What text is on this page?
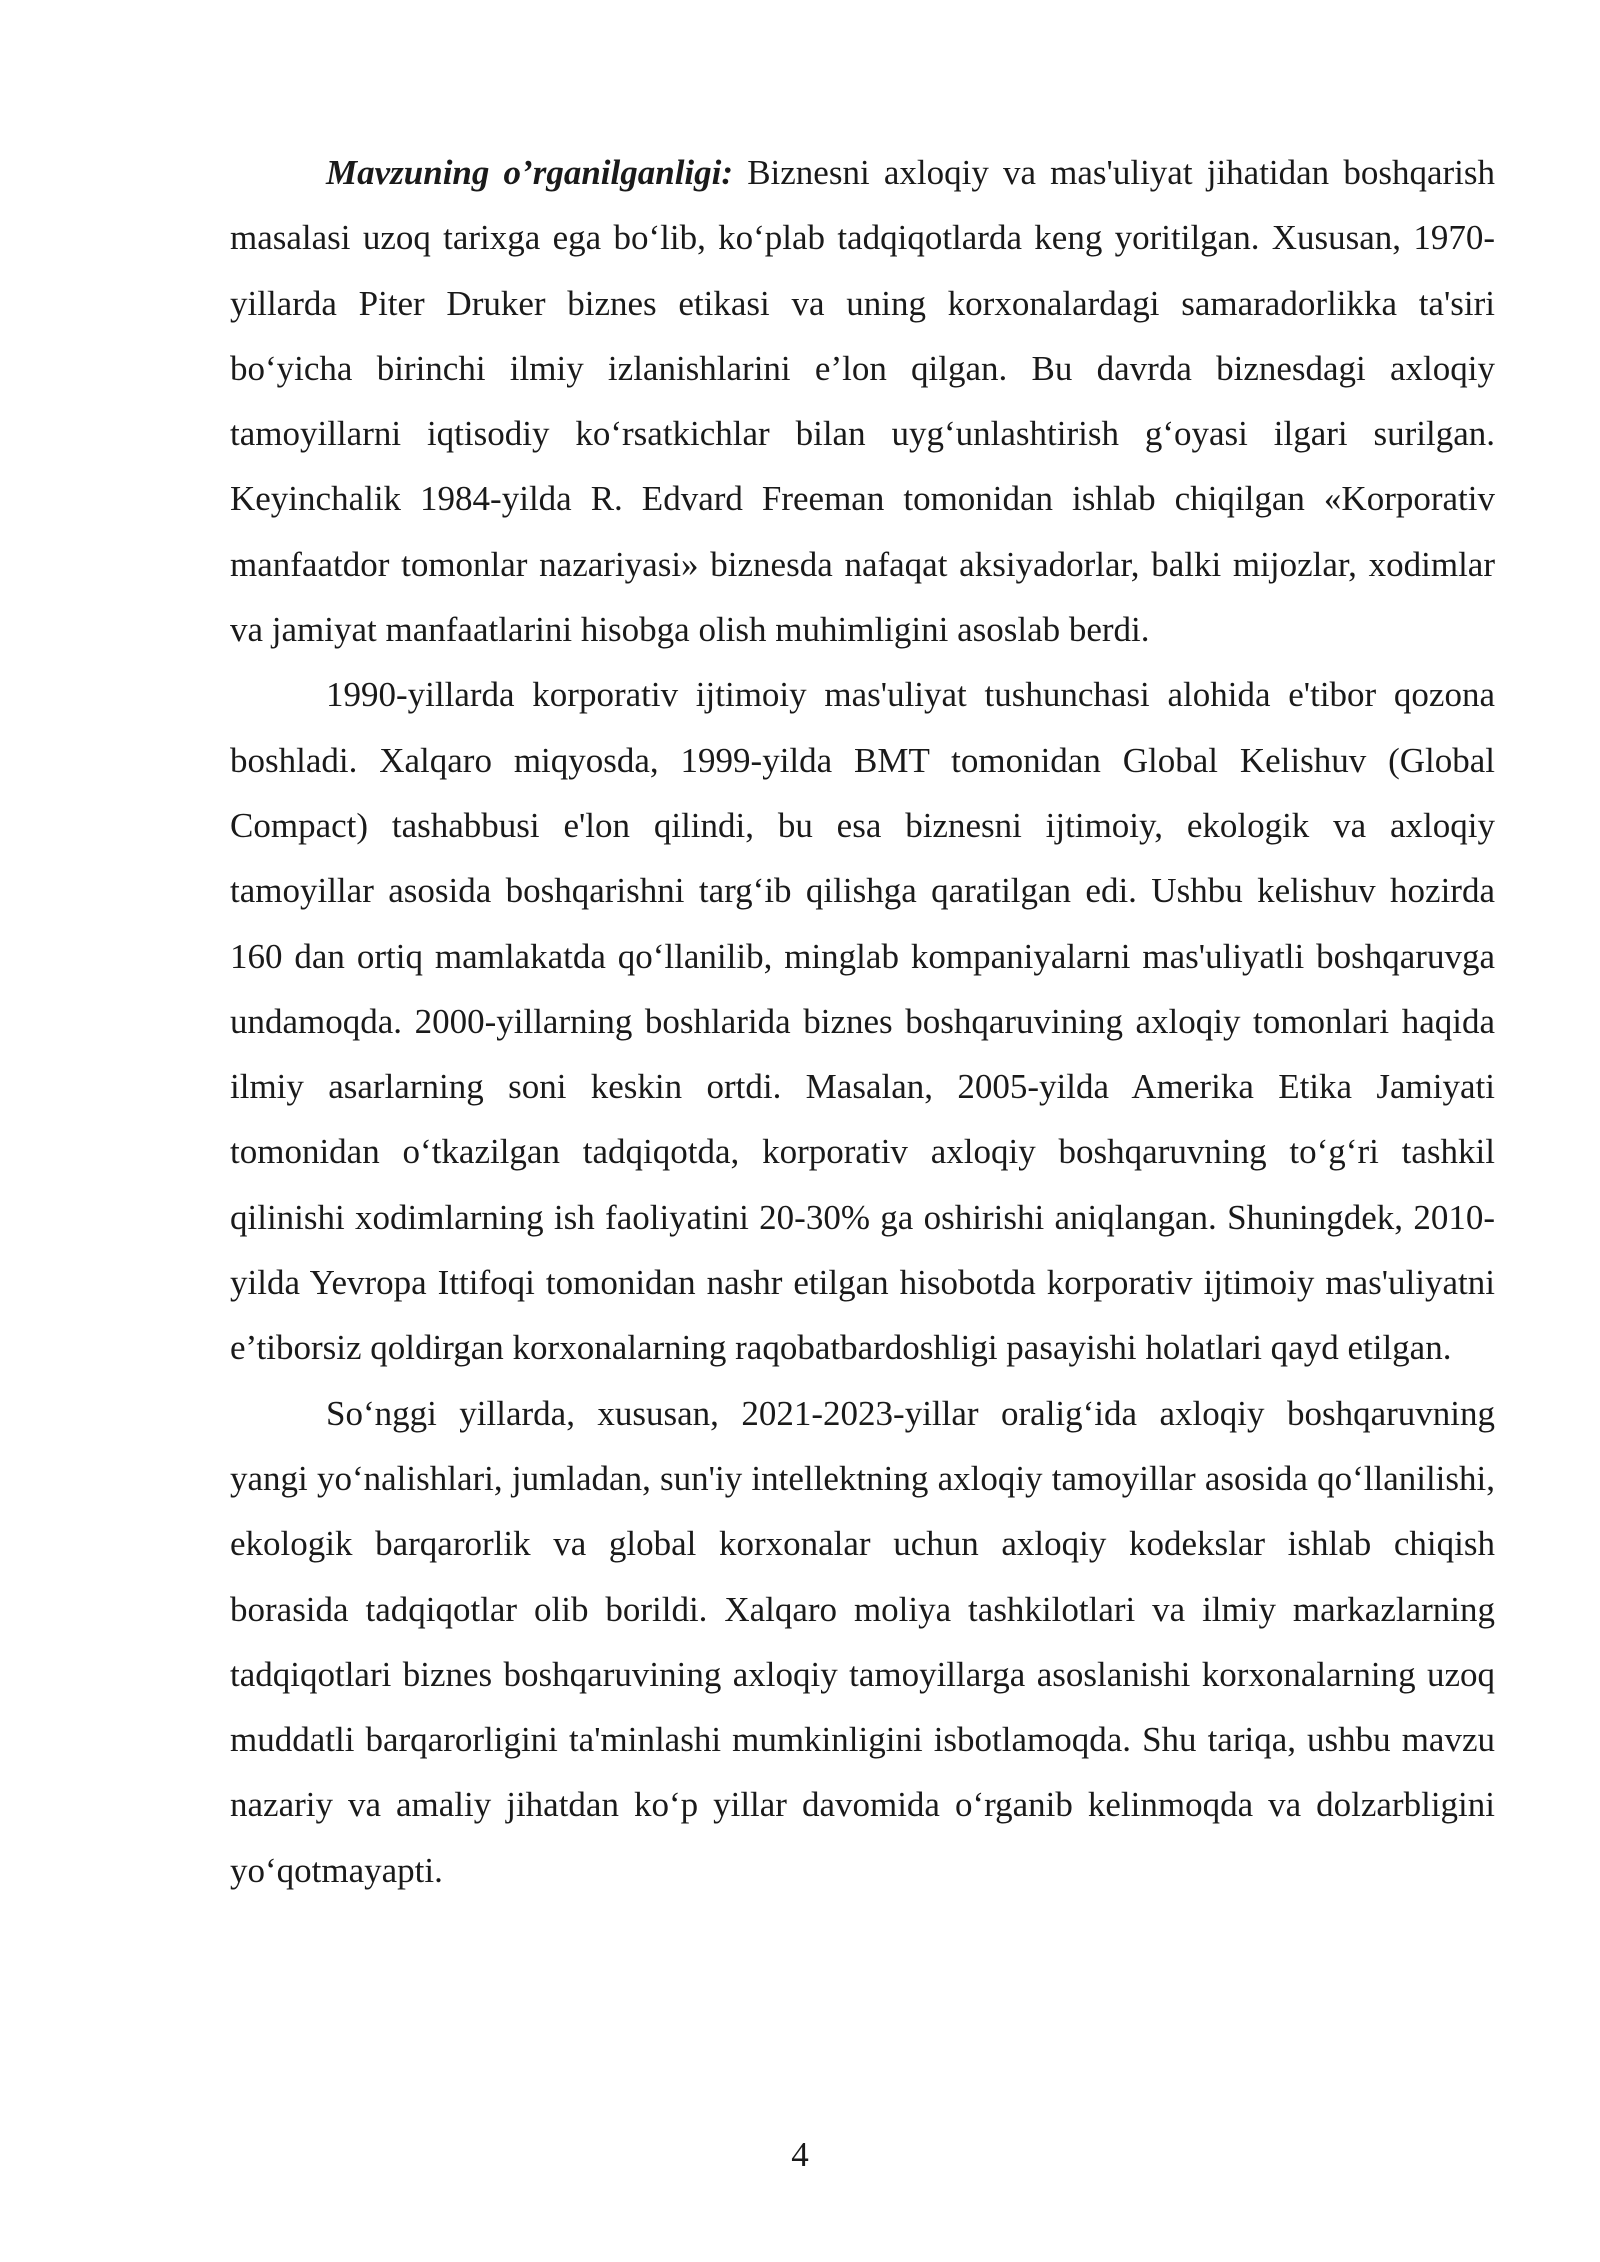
Mavzuning o’rganilganligi: Biznesni axloqiy va mas'uliyat jihatidan boshqarish masalasi uzoq tarixga ega bo‘lib, ko‘plab tadqiqotlarda keng yoritilgan. Xususan, 1970-yillarda Piter Druker biznes etikasi va uning korxonalardagi samaradorlikka ta'siri bo‘yicha birinchi ilmiy izlanishlarini e’lon qilgan. Bu davrda biznesdagi axloqiy tamoyillarni iqtisodiy ko‘rsatkichlar bilan uyg‘unlashtirish g‘oyasi ilgari surilgan. Keyinchalik 1984-yilda R. Edvard Freeman tomonidan ishlab chiqilgan «Korporativ manfaatdor tomonlar nazariyasi» biznesda nafaqat aksiyadorlar, balki mijozlar, xodimlar va jamiyat manfaatlarini hisobga olish muhimligini asoslab berdi.

1990-yillarda korporativ ijtimoiy mas'uliyat tushunchasi alohida e'tibor qozona boshladi. Xalqaro miqyosda, 1999-yilda BMT tomonidan Global Kelishuv (Global Compact) tashabbusi e'lon qilindi, bu esa biznesni ijtimoiy, ekologik va axloqiy tamoyillar asosida boshqarishni targ‘ib qilishga qaratilgan edi. Ushbu kelishuv hozirda 160 dan ortiq mamlakatda qo‘llanilib, minglab kompaniyalarni mas'uliyatli boshqaruvga undamoqda. 2000-yillarning boshlarida biznes boshqaruvining axloqiy tomonlari haqida ilmiy asarlarning soni keskin ortdi. Masalan, 2005-yilda Amerika Etika Jamiyati tomonidan o‘tkazilgan tadqiqotda, korporativ axloqiy boshqaruvning to‘g‘ri tashkil qilinishi xodimlarning ish faoliyatini 20-30% ga oshirishi aniqlangan. Shuningdek, 2010-yilda Yevropa Ittifoqi tomonidan nashr etilgan hisobotda korporativ ijtimoiy mas'uliyatni e’tiborsiz qoldirgan korxonalarning raqobatbardoshligi pasayishi holatlari qayd etilgan.

So‘nggi yillarda, xususan, 2021-2023-yillar oralig‘ida axloqiy boshqaruvning yangi yo‘nalishlari, jumladan, sun'iy intellektning axloqiy tamoyillar asosida qo‘llanilishi, ekologik barqarorlik va global korxonalar uchun axloqiy kodekslar ishlab chiqish borasida tadqiqotlar olib borildi. Xalqaro moliya tashkilotlari va ilmiy markazlarning tadqiqotlari biznes boshqaruvining axloqiy tamoyillarga asoslanishi korxonalarning uzoq muddatli barqarorligini ta'minlashi mumkinligini isbotlamoqda. Shu tariqa, ushbu mavzu nazariy va amaliy jihatdan ko‘p yillar davomida o‘rganib kelinmoqda va dolzarbligini yo‘qotmayapti.

4
